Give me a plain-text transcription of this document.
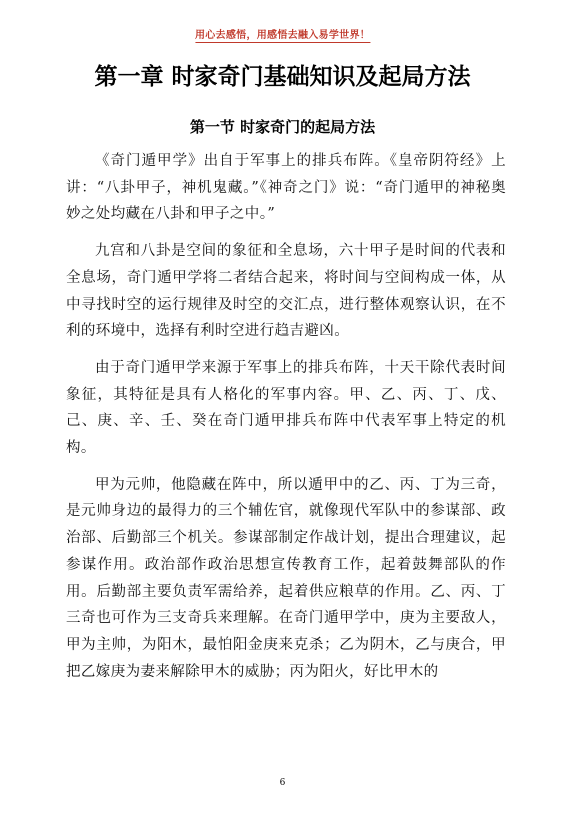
用心去感悟，用感悟去融入易学世界！
第一章 时家奇门基础知识及起局方法
第一节 时家奇门的起局方法

《奇门遁甲学》出自于军事上的排兵布阵。《皇帝阴符经》上讲：“八卦甲子，神机鬼藏。”《神奇之门》说：“奇门遁甲的神秘奥妙之处均藏在八卦和甲子之中。”

九宫和八卦是空间的象征和全息场，六十甲子是时间的代表和全息场，奇门遁甲学将二者结合起来，将时间与空间构成一体，从中寻找时空的运行规律及时空的交汇点，进行整体观察认识，在不利的环境中，选择有利时空进行趋吉避凶。

由于奇门遁甲学来源于军事上的排兵布阵，十天干除代表时间象征，其特征是具有人格化的军事内容。甲、乙、丙、丁、戊、己、庚、辛、壬、癸在奇门遁甲排兵布阵中代表军事上特定的机构。

甲为元帅，他隐藏在阵中，所以遁甲中的乙、丙、丁为三奇，是元帅身边的最得力的三个辅佐官，就像现代军队中的参谋部、政治部、后勤部三个机关。参谋部制定作战计划，提出合理建议，起参谋作用。政治部作政治思想宣传教育工作，起着鼓舞部队的作用。后勤部主要负责军需给养，起着供应粮草的作用。乙、丙、丁三奇也可作为三支奇兵来理解。在奇门遁甲学中，庚为主要敌人，甲为主帅，为阳木，最怕阳金庚来克杀；乙为阴木，乙与庚合，甲把乙嫁庚为妻来解除甲木的威胁；丙为阳火，好比甲木的

6
